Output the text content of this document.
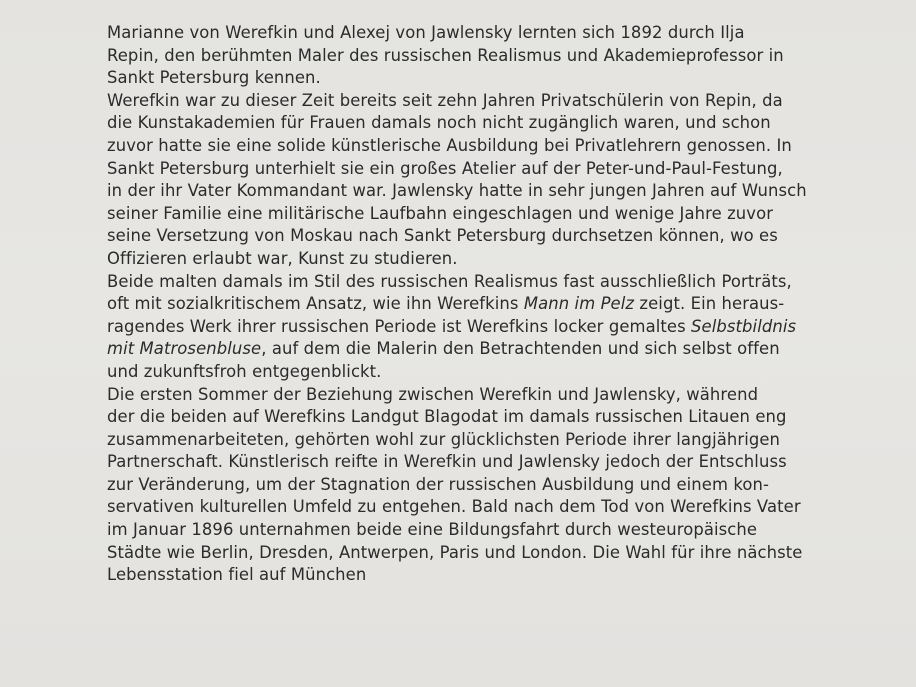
Marianne von Werefkin und Alexej von Jawlensky lernten sich 1892 durch Ilja
Repin, den berühmten Maler des russischen Realismus und Akademieprofessor in
Sankt Petersburg kennen.
Werefkin war zu dieser Zeit bereits seit zehn Jahren Privatschülerin von Repin, da
die Kunstakademien für Frauen damals noch nicht zugänglich waren, und schon
zuvor hatte sie eine solide künstlerische Ausbildung bei Privatlehrern genossen. In
Sankt Petersburg unterhielt sie ein großes Atelier auf der Peter-und-Paul-Festung,
in der ihr Vater Kommandant war. Jawlensky hatte in sehr jungen Jahren auf Wunsch
seiner Familie eine militärische Laufbahn eingeschlagen und wenige Jahre zuvor
seine Versetzung von Moskau nach Sankt Petersburg durchsetzen können, wo es
Offizieren erlaubt war, Kunst zu studieren.
Beide malten damals im Stil des russischen Realismus fast ausschließlich Porträts,
oft mit sozialkritischem Ansatz, wie ihn Werefkins Mann im Pelz zeigt. Ein heraus-
ragendes Werk ihrer russischen Periode ist Werefkins locker gemaltes Selbstbildnis
mit Matrosenbluse, auf dem die Malerin den Betrachtenden und sich selbst offen
und zukunftsfroh entgegenblickt.
Die ersten Sommer der Beziehung zwischen Werefkin und Jawlensky, während
der die beiden auf Werefkins Landgut Blagodat im damals russischen Litauen eng
zusammenarbeiteten, gehörten wohl zur glücklichsten Periode ihrer langjährigen
Partnerschaft. Künstlerisch reifte in Werefkin und Jawlensky jedoch der Entschluss
zur Veränderung, um der Stagnation der russischen Ausbildung und einem kon-
servativen kulturellen Umfeld zu entgehen. Bald nach dem Tod von Werefkins Vater
im Januar 1896 unternahmen beide eine Bildungsfahrt durch westeuropäische
Städte wie Berlin, Dresden, Antwerpen, Paris und London. Die Wahl für ihre nächste
Lebensstation fiel auf München
